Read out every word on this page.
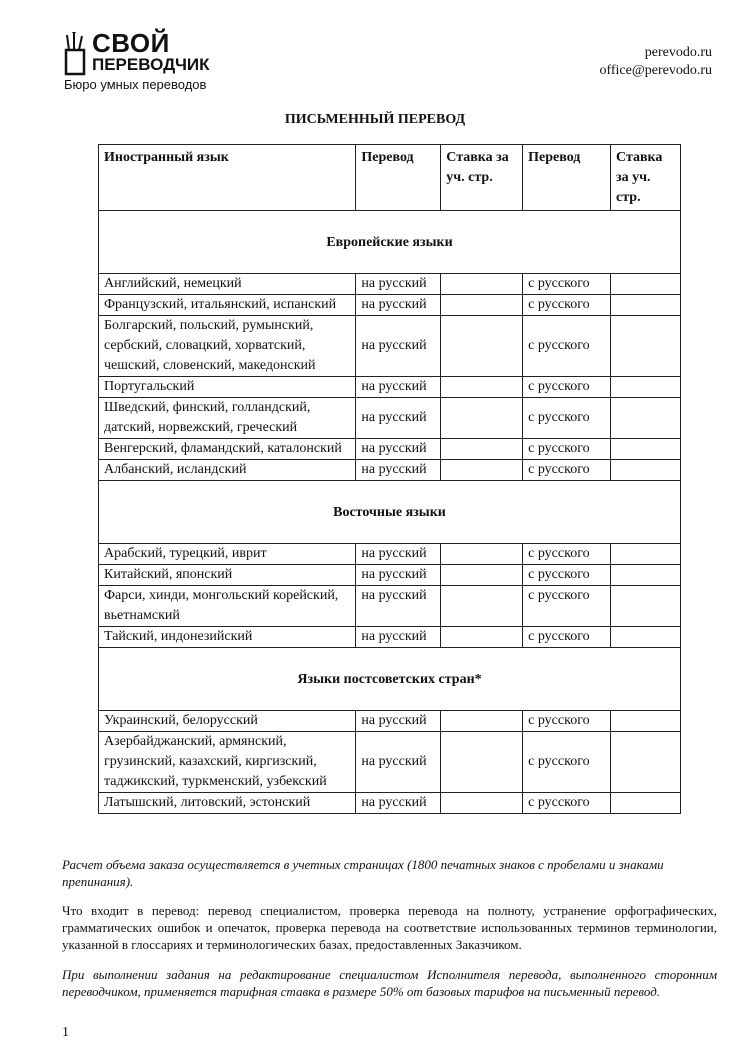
СВОЙ
ПЕРЕВОДЧИК
Бюро умных переводов
perevodo.ru
office@perevodo.ru
ПИСЬМЕННЫЙ ПЕРЕВОД
Иностранный язык	Перевод	Ставка за уч. стр.	Перевод	Ставка за уч. стр.
Европейские языки				
Английский, немецкий	на русский		с русского	
Французский, итальянский, испанский	на русский		с русского	
Болгарский, польский, румынский, сербский, словацкий, хорватский, чешский, словенский, македонский	на русский		с русского	
Португальский	на русский		с русского	
Шведский, финский, голландский, датский, норвежский, греческий	на русский		с русского	
Венгерский, фламандский, каталонский	на русский		с русского	
Албанский, исландский	на русский		с русского	
Восточные языки				
Арабский, турецкий, иврит	на русский		с русского	
Китайский, японский	на русский		с русского	
Фарси, хинди, монгольский корейский, вьетнамский	на русский		с русского	
Тайский, индонезийский	на русский		с русского	
Языки постсоветских стран*				
Украинский, белорусский	на русский		с русского	
Азербайджанский, армянский, грузинский, казахский, киргизский, таджикский, туркменский, узбекский	на русский		с русского	
Латышский, литовский, эстонский	на русский		с русского	

Расчет объема заказа осуществляется в учетных страницах (1800 печатных знаков с пробелами и знаками препинания).

Что входит в перевод: перевод специалистом, проверка перевода на полноту, устранение орфографических, грамматических ошибок и опечаток, проверка перевода на соответствие использованных терминов терминологии, указанной в глоссариях и терминологических базах, предоставленных Заказчиком.

При выполнении задания на редактирование специалистом Исполнителя перевода, выполненного сторонним переводчиком, применяется тарифная ставка в размере 50% от базовых тарифов на письменный перевод.

1
